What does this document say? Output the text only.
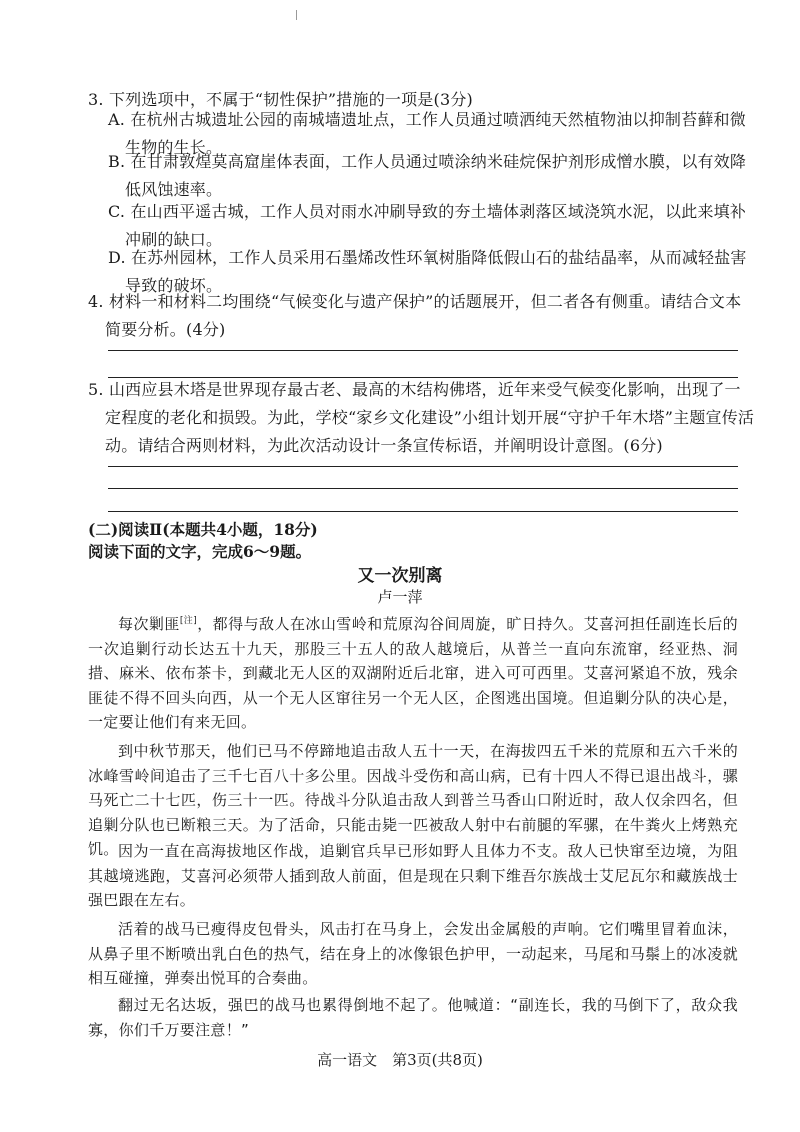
3. 下列选项中，不属于“韧性保护”措施的一项是(3分)
A. 在杭州古城遗址公园的南城墙遗址点，工作人员通过喷洒纯天然植物油以抑制苔藓和微生物的生长。
B. 在甘肃敦煌莫高窟崖体表面，工作人员通过喷涂纳米硅烷保护剂形成憎水膜，以有效降低风蚀速率。
C. 在山西平遥古城，工作人员对雨水冲刷导致的夯土墙体剥落区域浇筑水泥，以此来填补冲刷的缺口。
D. 在苏州园林，工作人员采用石墨烯改性环氧树脂降低假山石的盐结晶率，从而减轻盐害导致的破坏。
4. 材料一和材料二均围绕“气候变化与遗产保护”的话题展开，但二者各有侧重。请结合文本简要分析。(4分)
5. 山西应县木塔是世界现存最古老、最高的木结构佛塔，近年来受气候变化影响，出现了一定程度的老化和损毁。为此，学校“家乡文化建设”小组计划开展“守护千年木塔”主题宣传活动。请结合两则材料，为此次活动设计一条宣传标语，并阐明设计意图。(6分)
(二)阅读Ⅱ(本题共4小题，18分)
阅读下面的文字，完成6～9题。
又一次别离
卢一萍
每次剿匪[注]，都得与敌人在冰山雪岭和荒原沟谷间周旋，旷日持久。艾喜河担任副连长后的一次追剿行动长达五十九天，那股三十五人的敌人越境后，从普兰一直向东流窜，经亚热、洞措、麻米、依布茶卡，到藏北无人区的双湖附近后北窜，进入可可西里。艾喜河紧追不放，残余匪徒不得不回头向西，从一个无人区窜往另一个无人区，企图逃出国境。但追剿分队的决心是，一定要让他们有来无回。
到中秋节那天，他们已马不停蹄地追击敌人五十一天，在海拔四五千米的荒原和五六千米的冰峰雪岭间追击了三千七百八十多公里。因战斗受伤和高山病，已有十四人不得已退出战斗，骡马死亡二十七匹，伤三十一匹。待战斗分队追击敌人到普兰马香山口附近时，敌人仅余四名，但追剿分队也已断粮三天。为了活命，只能击毙一匹被敌人射中右前腿的军骡，在牛粪火上烤熟充饥。 因为一直在高海拔地区作战，追剿官兵早已形如野人且体力不支。敌人已快窜至边境，为阻其越境逃跑，艾喜河必须带人插到敌人前面，但是现在只剩下维吾尔族战士艾尼瓦尔和藏族战士强巴跟在左右。
活着的战马已瘦得皮包骨头，风击打在马身上，会发出金属般的声响。它们嘴里冒着血沫，从鼻子里不断喷出乳白色的热气，结在身上的冰像银色护甲，一动起来，马尾和马鬃上的冰凌就相互碰撞，弹奏出悦耳的合奏曲。
翻过无名达坂，强巴的战马也累得倒地不起了。他喊道：“副连长，我的马倒下了，敌众我寡，你们千万要注意！”
高一语文　第3页(共8页)
